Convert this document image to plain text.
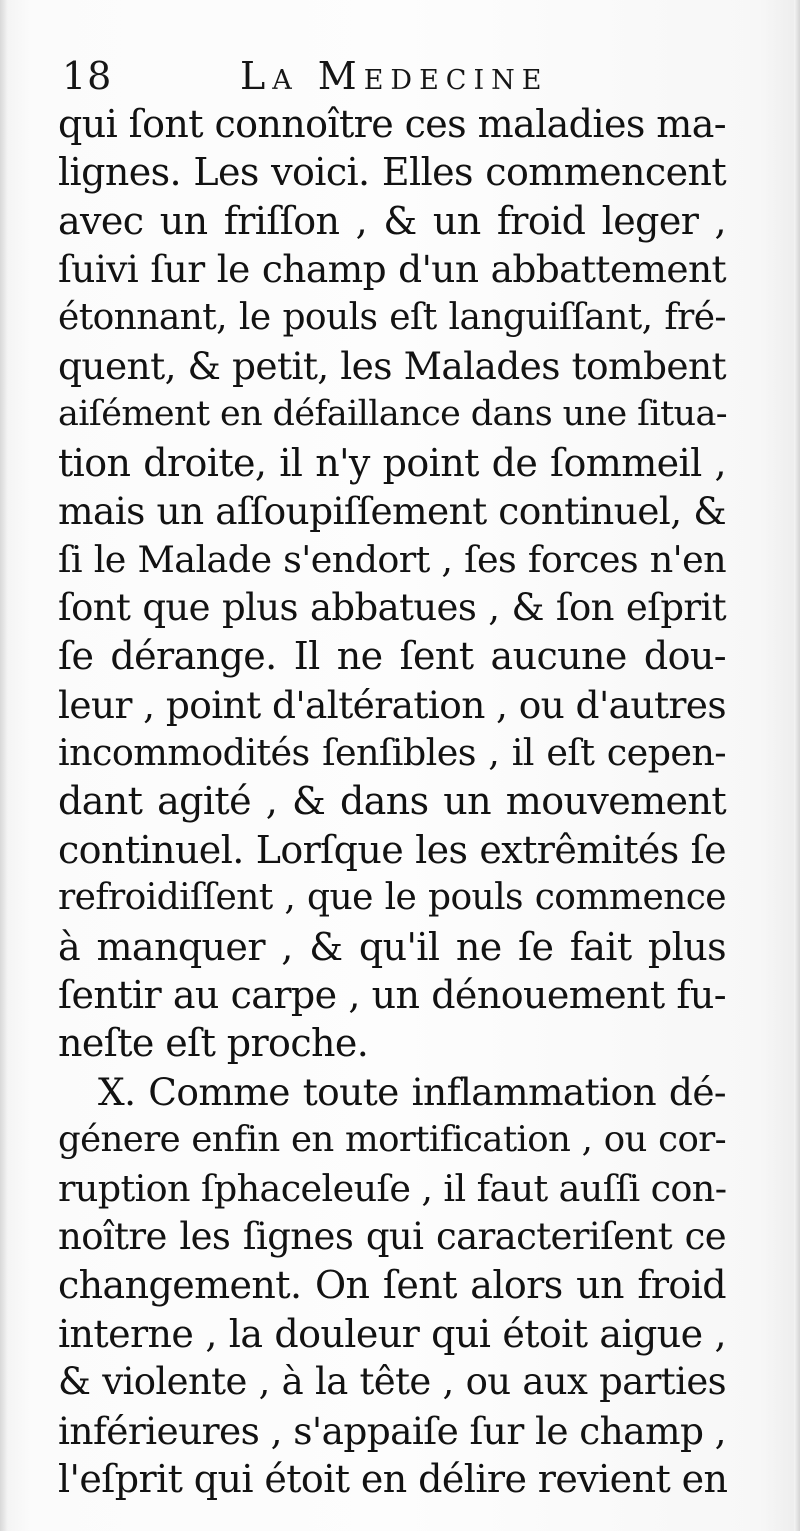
18	La Medecine
qui ſont connoître ces maladies ma-
lignes. Les voici. Elles commencent
avec un friſſon , & un froid leger ,
ſuivi ſur le champ d'un abbattement
étonnant, le pouls eſt languiſſant, fré-
quent, & petit, les Malades tombent
aiſément en défaillance dans une ſitua-
tion droite, il n'y point de ſommeil ,
mais un aſſoupiſſement continuel, &
ſi le Malade s'endort , ſes forces n'en
ſont que plus abbatues , & ſon eſprit
ſe dérange. Il ne ſent aucune dou-
leur , point d'altération , ou d'autres
incommodités ſenſibles , il eſt cepen-
dant agité , & dans un mouvement
continuel. Lorſque les extrêmités ſe
refroidiſſent , que le pouls commence
à manquer , & qu'il ne ſe fait plus
ſentir au carpe , un dénouement fu-
neſte eſt proche.
X. Comme toute inflammation dé-
génere enfin en mortification , ou cor-
ruption ſphaceleuſe , il faut auſſi con-
noître les ſignes qui caracteriſent ce
changement. On ſent alors un froid
interne , la douleur qui étoit aigue ,
& violente , à la tête , ou aux parties
inférieures , s'appaiſe ſur le champ ,
l'eſprit qui étoit en délire revient en
